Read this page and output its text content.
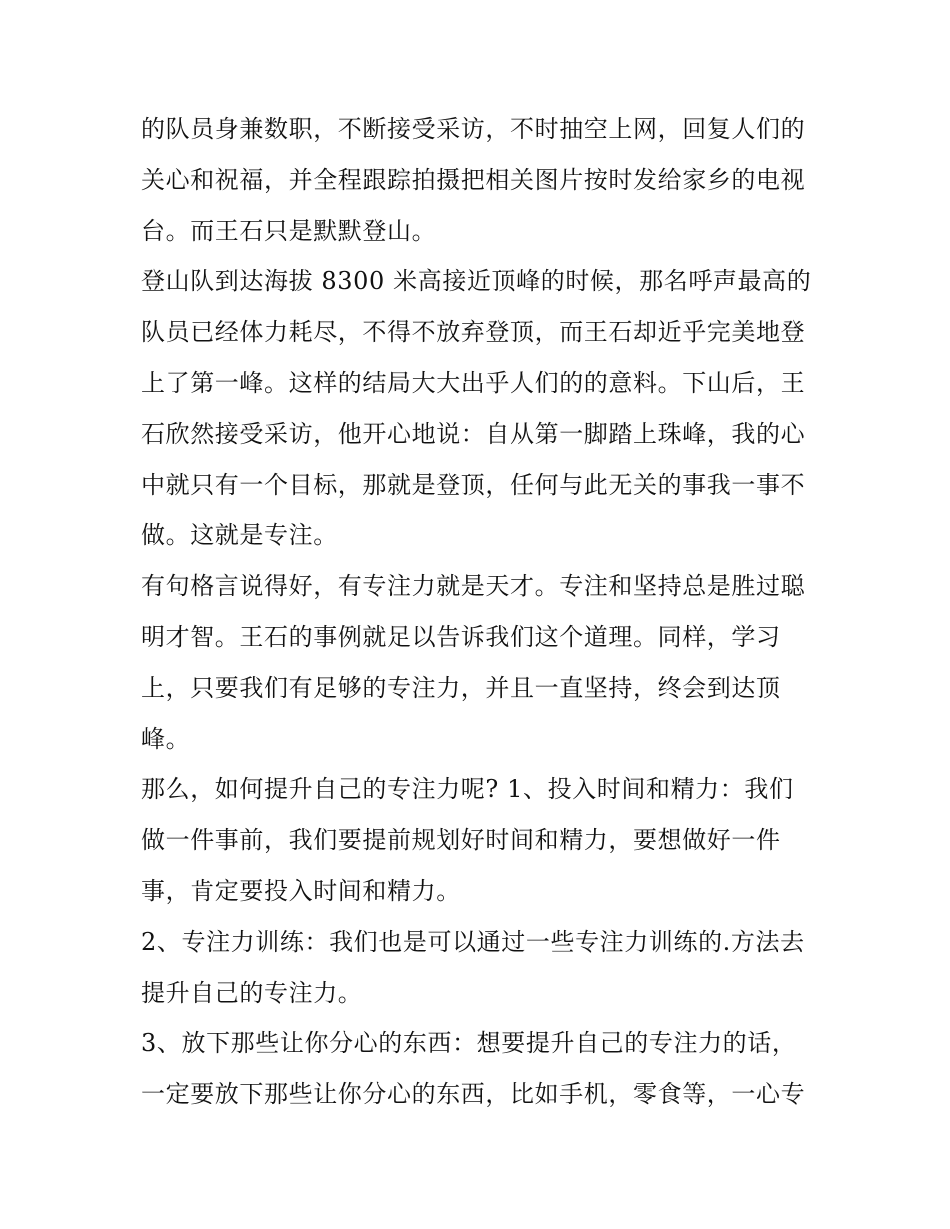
的队员身兼数职，不断接受采访，不时抽空上网，回复人们的
关心和祝福，并全程跟踪拍摄把相关图片按时发给家乡的电视
台。而王石只是默默登山。
登山队到达海拔 8300 米高接近顶峰的时候，那名呼声最高的
队员已经体力耗尽，不得不放弃登顶，而王石却近乎完美地登
上了第一峰。这样的结局大大出乎人们的的意料。下山后，王
石欣然接受采访，他开心地说：自从第一脚踏上珠峰，我的心
中就只有一个目标，那就是登顶，任何与此无关的事我一事不
做。这就是专注。
有句格言说得好，有专注力就是天才。专注和坚持总是胜过聪
明才智。王石的事例就足以告诉我们这个道理。同样，学习
上，只要我们有足够的专注力，并且一直坚持，终会到达顶
峰。
那么，如何提升自己的专注力呢? 1、投入时间和精力：我们
做一件事前，我们要提前规划好时间和精力，要想做好一件
事，肯定要投入时间和精力。
2、专注力训练：我们也是可以通过一些专注力训练的.方法去
提升自己的专注力。
3、放下那些让你分心的东西：想要提升自己的专注力的话，
一定要放下那些让你分心的东西，比如手机，零食等，一心专
